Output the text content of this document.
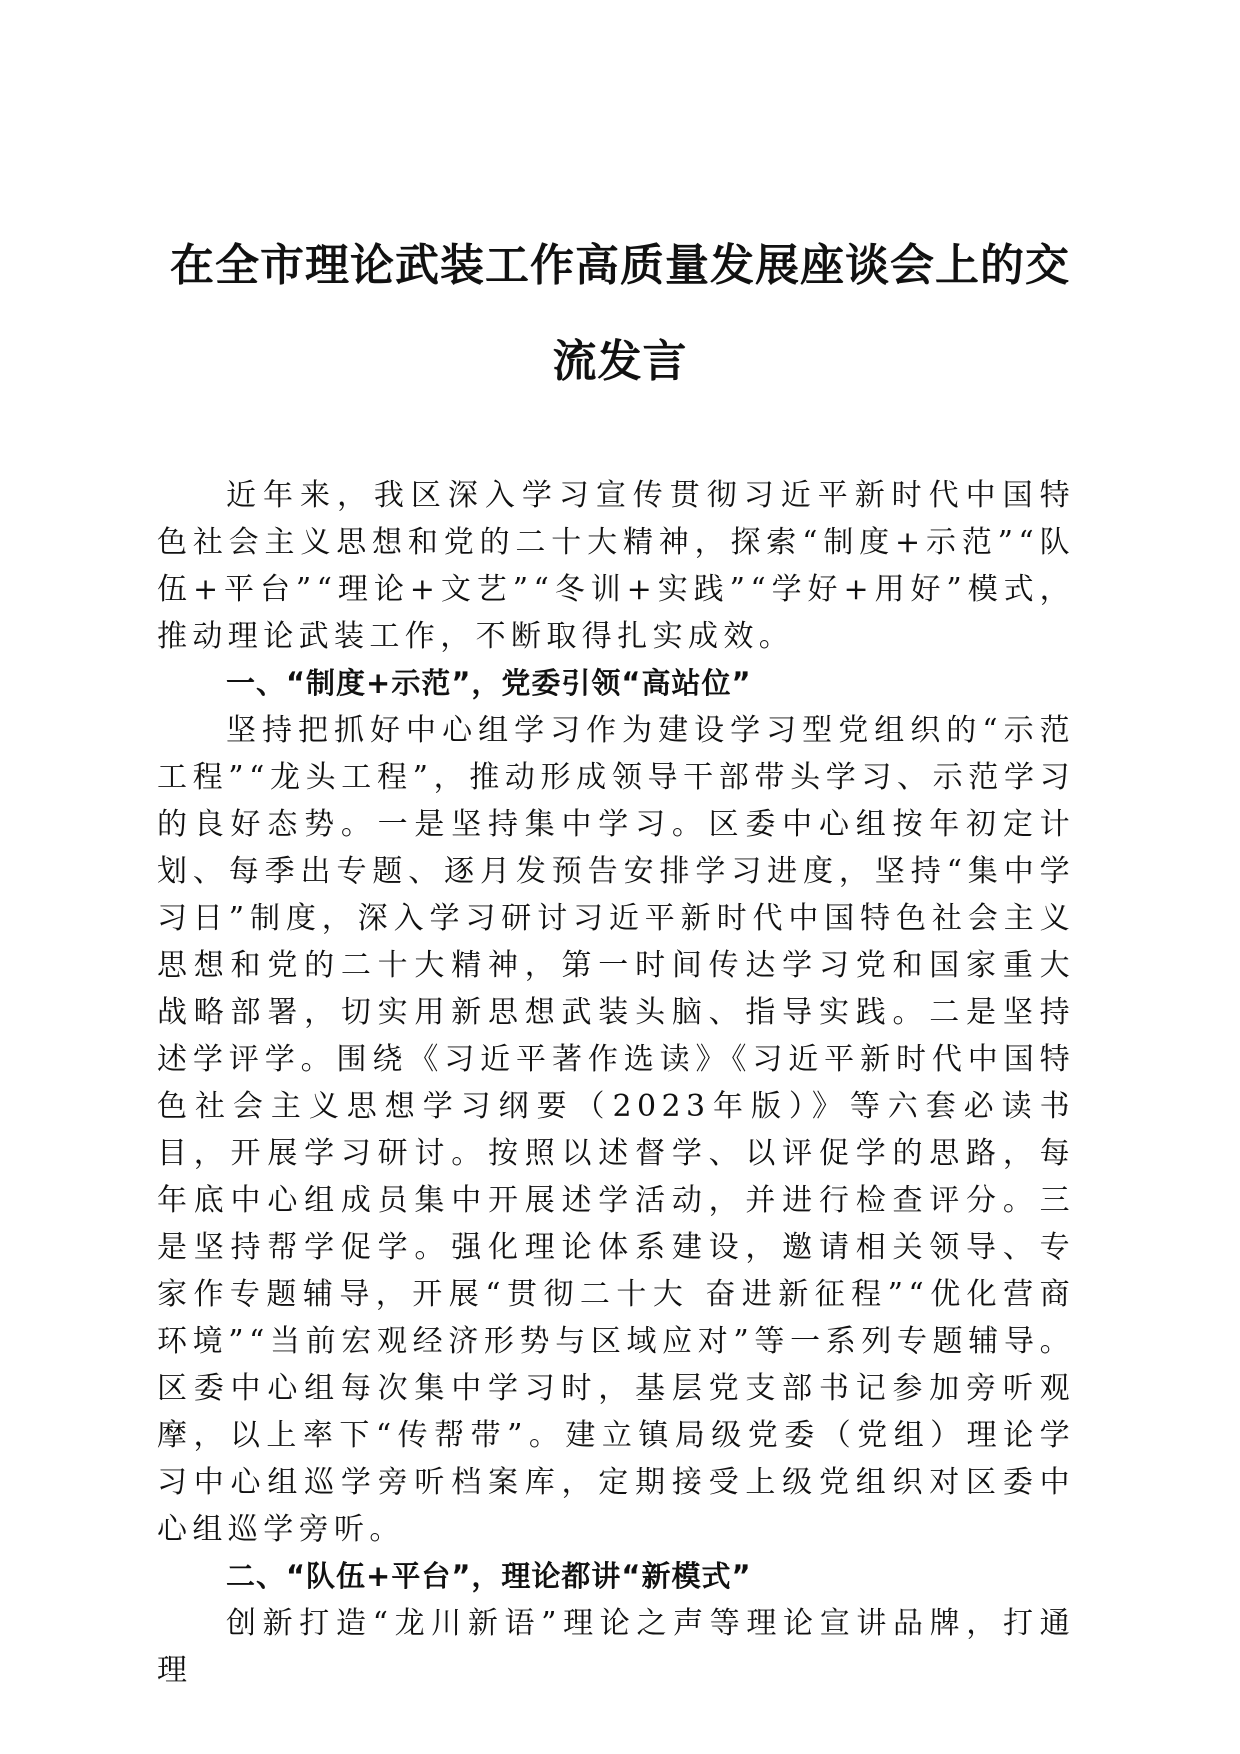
在全市理论武装工作高质量发展座谈会上的交流发言

近年来，我区深入学习宣传贯彻习近平新时代中国特色社会主义思想和党的二十大精神，探索“制度+示范”“队伍+平台”“理论+文艺”“冬训+实践”“学好+用好”模式，推动理论武装工作，不断取得扎实成效。

一、“制度+示范”，党委引领“高站位”

坚持把抓好中心组学习作为建设学习型党组织的“示范工程”“龙头工程”，推动形成领导干部带头学习、示范学习的良好态势。一是坚持集中学习。区委中心组按年初定计划、每季出专题、逐月发预告安排学习进度，坚持“集中学习日”制度，深入学习研讨习近平新时代中国特色社会主义思想和党的二十大精神，第一时间传达学习党和国家重大战略部署，切实用新思想武装头脑、指导实践。二是坚持述学评学。围绕《习近平著作选读》《习近平新时代中国特色社会主义思想学习纲要（2023年版）》等六套必读书目，开展学习研讨。按照以述督学、以评促学的思路，每年底中心组成员集中开展述学活动，并进行检查评分。三是坚持帮学促学。强化理论体系建设，邀请相关领导、专家作专题辅导，开展“贯彻二十大 奋进新征程”“优化营商环境”“当前宏观经济形势与区域应对”等一系列专题辅导。区委中心组每次集中学习时，基层党支部书记参加旁听观摩，以上率下“传帮带”。建立镇局级党委（党组）理论学习中心组巡学旁听档案库，定期接受上级党组织对区委中心组巡学旁听。

二、“队伍+平台”，理论都讲“新模式”

创新打造“龙川新语”理论之声等理论宣讲品牌，打通理
